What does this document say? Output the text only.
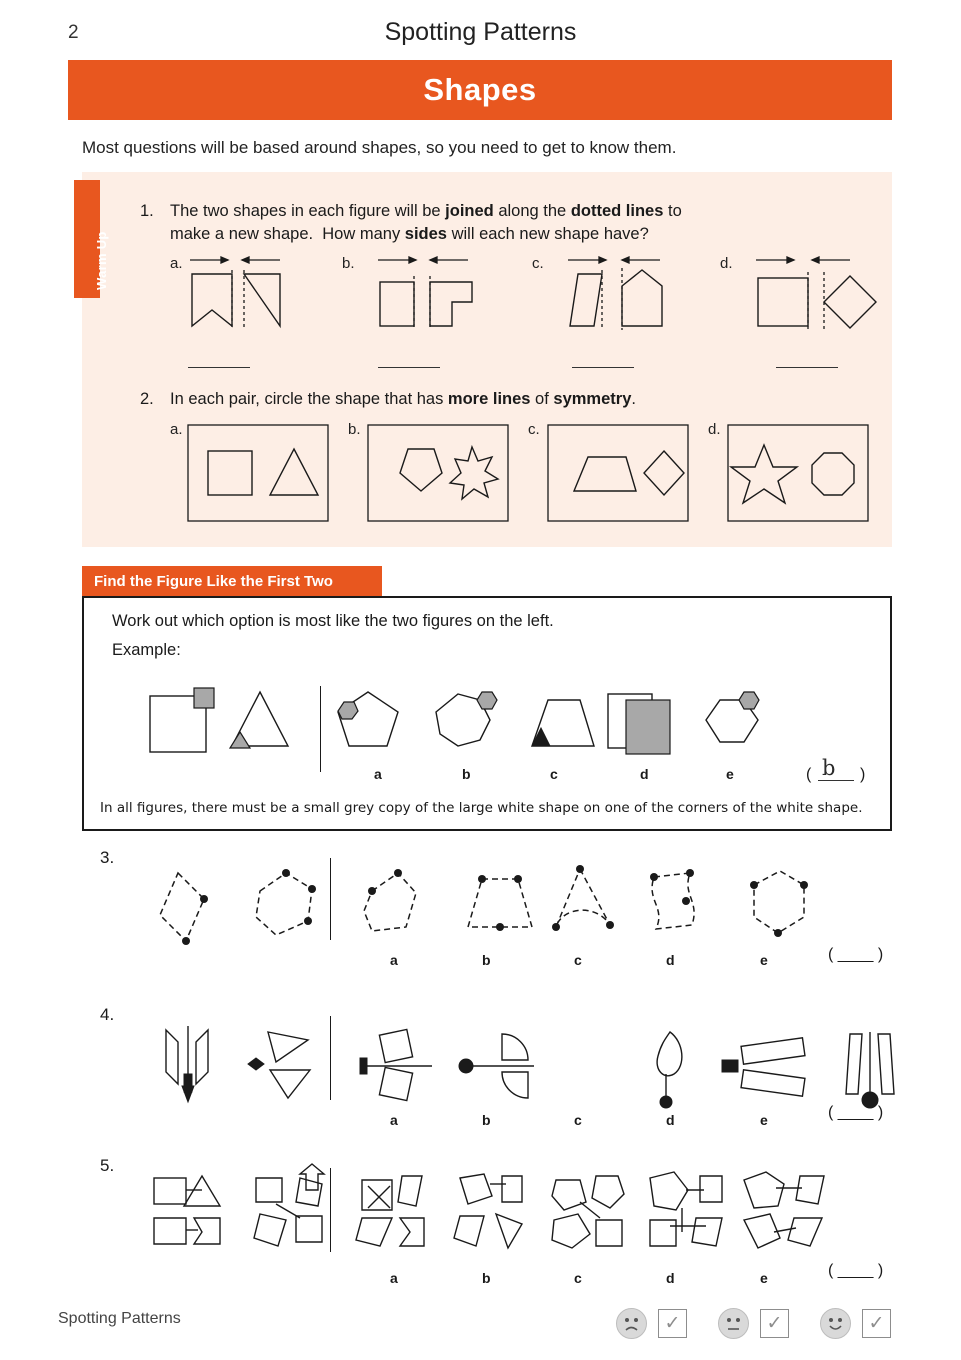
2	Spotting Patterns
Shapes
Most questions will be based around shapes, so you need to get to know them.
Warm Up
1. The two shapes in each figure will be joined along the dotted lines to
make a new shape.  How many sides will each new shape have?
a.	b.	c.	d.
2. In each pair, circle the shape that has more lines of symmetry.
a.	b.	c.	d.
Find the Figure Like the First Two
Work out which option is most like the two figures on the left.
Example:
a	b	c	d	e	( b )
In all figures, there must be a small grey copy of the large white shape on one of the corners of the white shape.
3.
a	b	c	d	e	( ____ )
4.
a	b	c	d	e	( ____ )
5.
a	b	c	d	e	( ____ )
Spotting Patterns	✓	✓	✓
